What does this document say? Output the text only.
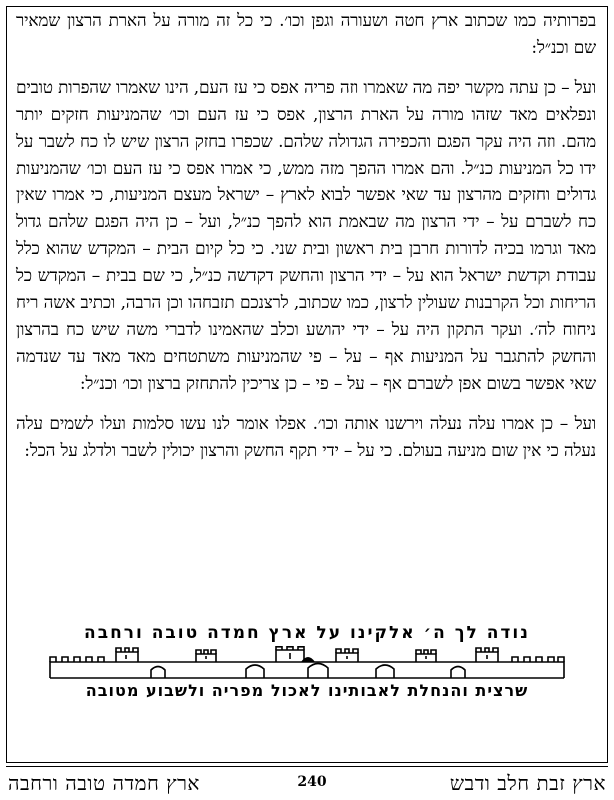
בפרותיה כמו שכתוב ארץ חטה ושעורה וגפן וכו׳. כי כל זה מורה על הארת הרצון שמאיר שם וכנ״ל:

ועל – כן עתה מקשר יפה מה שאמרו וזה פריה אפס כי עז העם, הינו שאמרו שהפרות טובים ונפלאים מאד שזהו מורה על הארת הרצון, אפס כי עז העם וכו׳ שהמניעות חזקים יותר מהם. וזה היה עקר הפגם והכפירה הגדולה שלהם. שכפרו בחזק הרצון שיש לו כח לשבר על ידו כל המניעות כנ״ל. והם אמרו ההפך מזה ממש, כי אמרו אפס כי עז העם וכו׳ שהמניעות גדולים וחזקים מהרצון עד שאי אפשר לבוא לארץ – ישראל מעצם המניעות, כי אמרו שאין כח לשברם על – ידי הרצון מה שבאמת הוא להפך כנ״ל, ועל – כן היה הפגם שלהם גדול מאד וגרמו בכיה לדורות חרבן בית ראשון ובית שני. כי כל קיום הבית – המקדש שהוא כלל עבודת וקדשת ישראל הוא על – ידי הרצון והחשק דקדשה כנ״ל, כי שם בבית – המקדש כל הריחות וכל הקרבנות שעולין לרצון, כמו שכתוב, לרצנכם תזבחהו וכן הרבה, וכתיב אשה ריח ניחוח לה׳. ועקר התקון היה על – ידי יהושע וכלב שהאמינו לדברי משה שיש כח בהרצון והחשק להתגבר על המניעות אף – על – פי שהמניעות משתטחים מאד מאד עד שנדמה שאי אפשר בשום אפן לשברם אף – על – פי – כן צריכין להתחזק ברצון וכו׳ וכנ״ל:

ועל – כן אמרו עלה נעלה וירשנו אותה וכו׳. אפלו אומר לנו עשו סלמות ועלו לשמים עלה נעלה כי אין שום מניעה בעולם. כי על – ידי תקף החשק והרצון יכולין לשבר ולדלג על הכל:

נודה לך ה׳ אלקינו על ארץ חמדה טובה ורחבה
שרצית והנחלת לאבותינו לאכול מפריה ולשבוע מטובה
ארץ זבת חלב ודבש
240
ארץ חמדה טובה ורחבה
